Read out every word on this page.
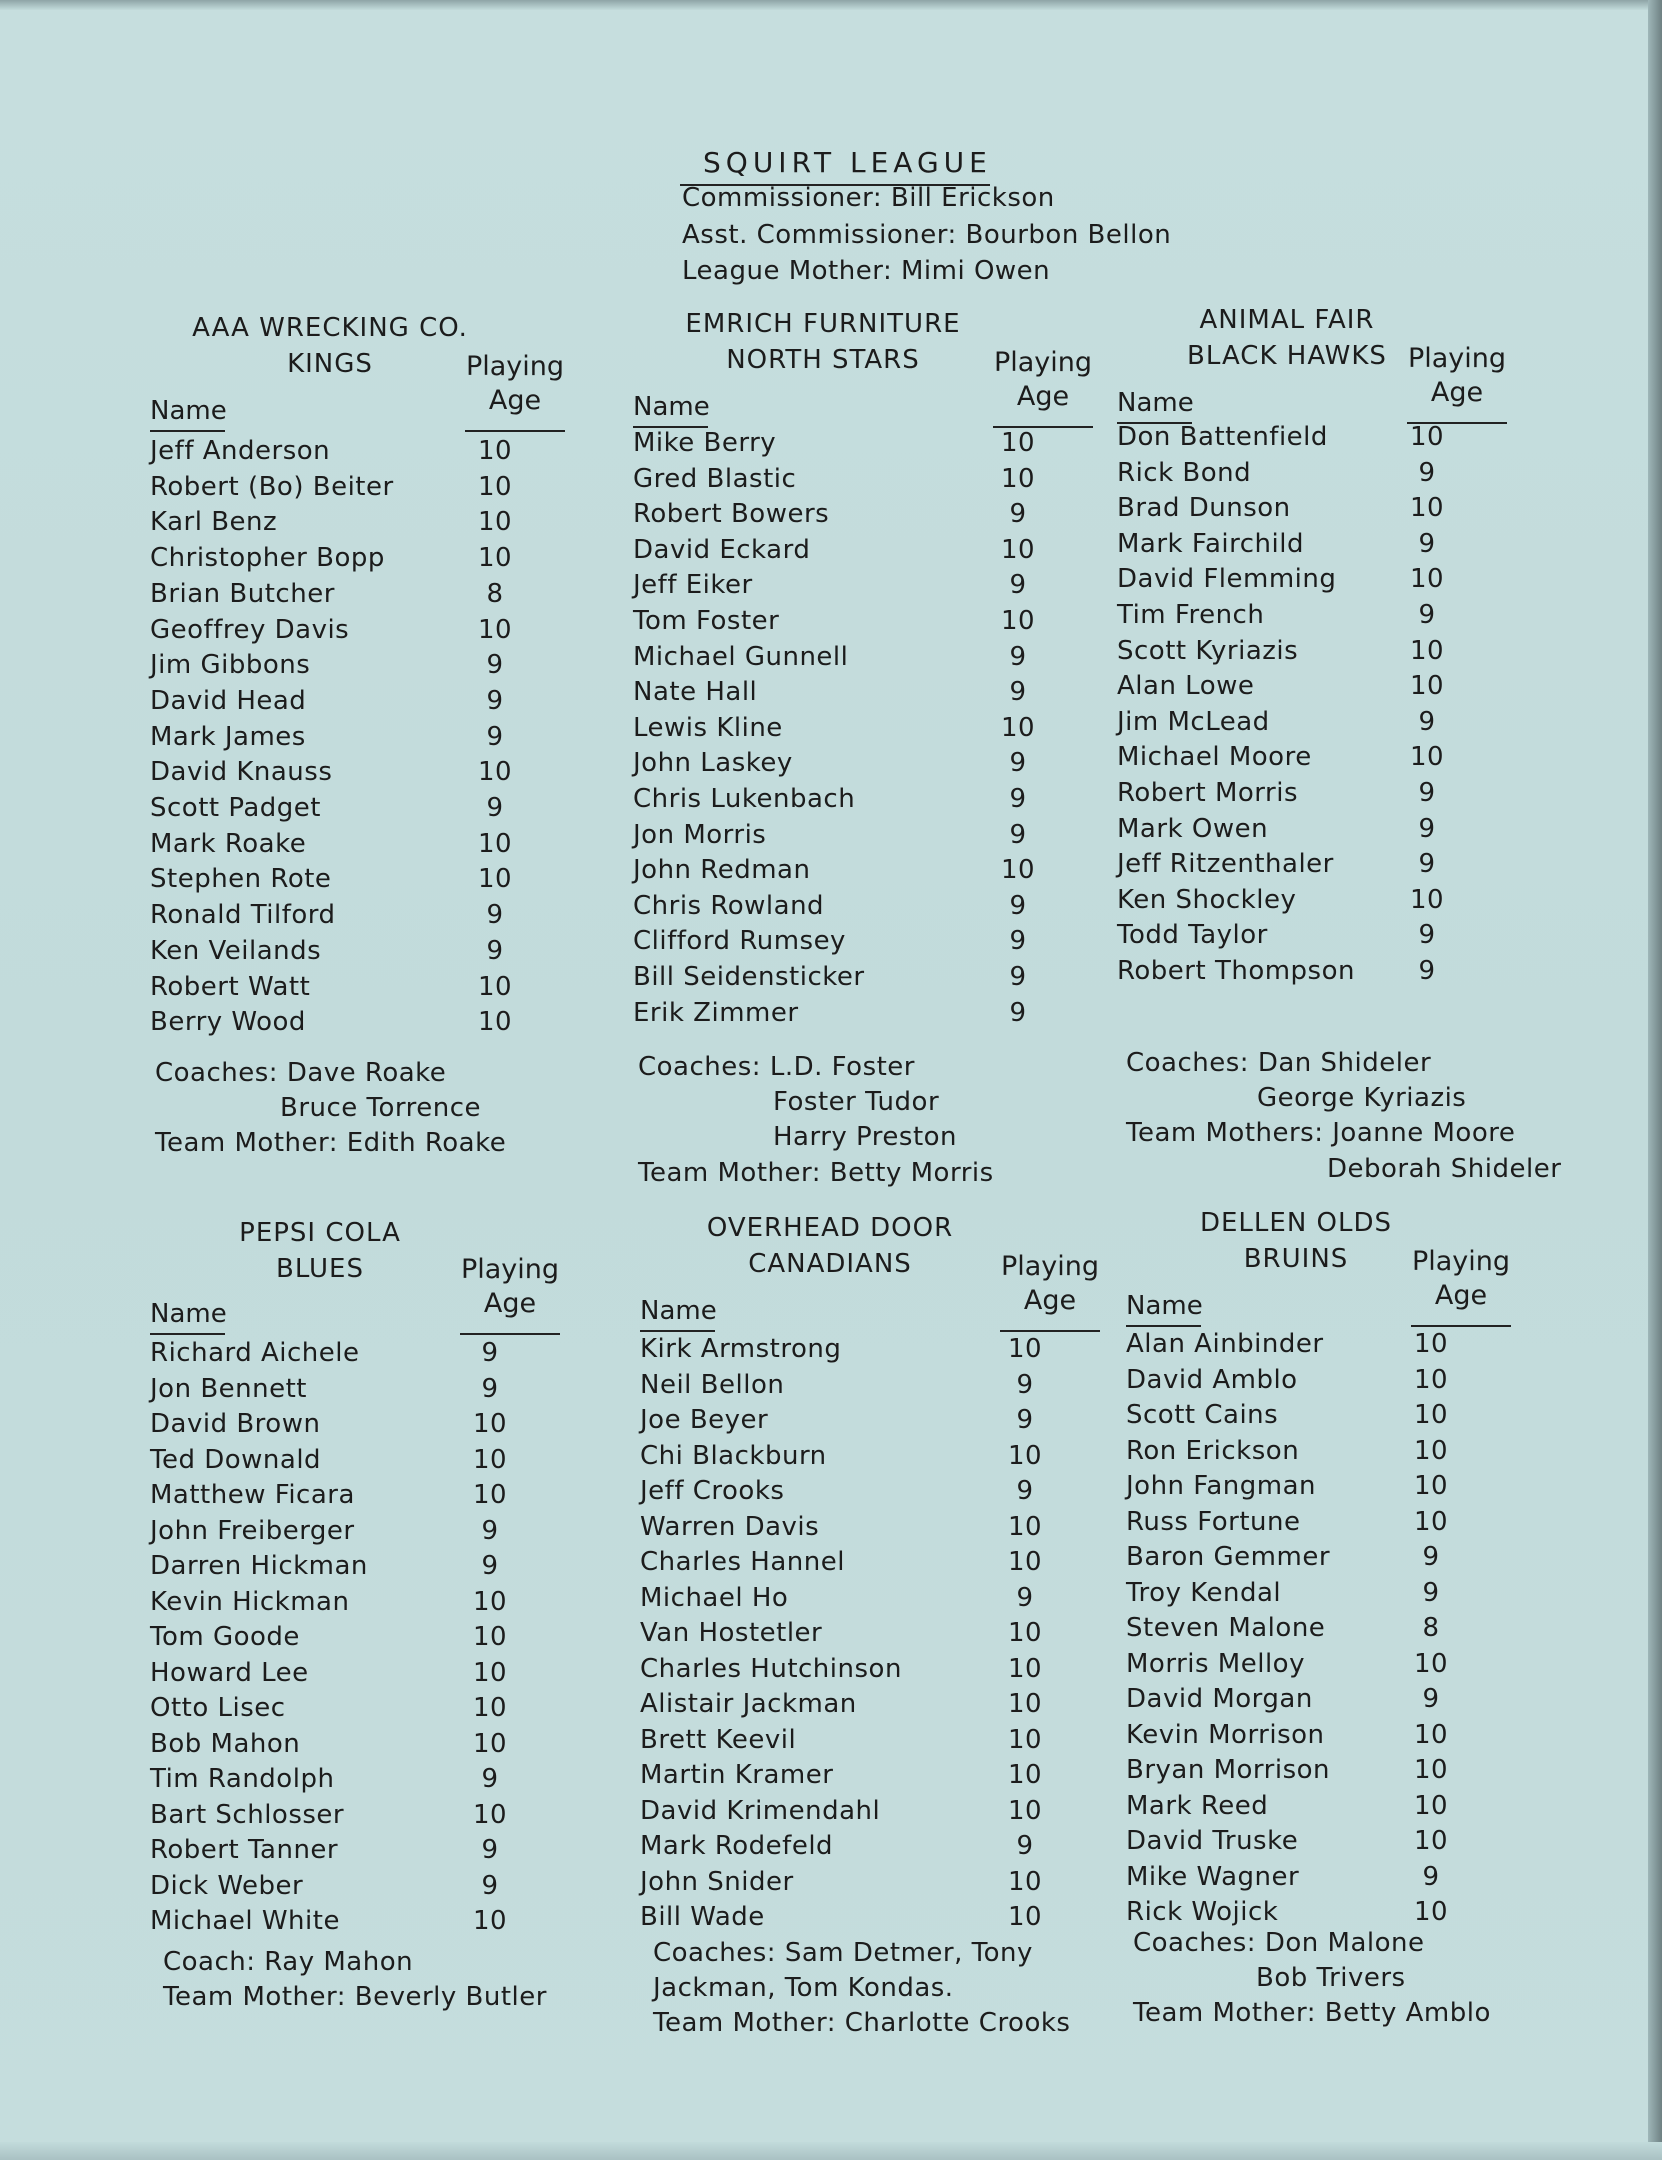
SQUIRT LEAGUE
Commissioner: Bill Erickson
Asst. Commissioner: Bourbon Bellon
League Mother: Mimi Owen
AAA WRECKING CO.
KINGS	Playing
Age
Name
Jeff Anderson	10
Robert (Bo) Beiter	10
Karl Benz	10
Christopher Bopp	10
Brian Butcher	8
Geoffrey Davis	10
Jim Gibbons	9
David Head	9
Mark James	9
David Knauss	10
Scott Padget	9
Mark Roake	10
Stephen Rote	10
Ronald Tilford	9
Ken Veilands	9
Robert Watt	10
Berry Wood	10
Coaches: Dave Roake
Bruce Torrence
Team Mother: Edith Roake
EMRICH FURNITURE
NORTH STARS	Playing
Age
Name
Mike Berry	10
Gred Blastic	10
Robert Bowers	9
David Eckard	10
Jeff Eiker	9
Tom Foster	10
Michael Gunnell	9
Nate Hall	9
Lewis Kline	10
John Laskey	9
Chris Lukenbach	9
Jon Morris	9
John Redman	10
Chris Rowland	9
Clifford Rumsey	9
Bill Seidensticker	9
Erik Zimmer	9
Coaches: L.D. Foster
Foster Tudor
Harry Preston
Team Mother: Betty Morris
ANIMAL FAIR
BLACK HAWKS Playing
Age
Name
Don Battenfield	10
Rick Bond	9
Brad Dunson	10
Mark Fairchild	9
David Flemming	10
Tim French	9
Scott Kyriazis	10
Alan Lowe	10
Jim McLead	9
Michael Moore	10
Robert Morris	9
Mark Owen	9
Jeff Ritzenthaler	9
Ken Shockley	10
Todd Taylor	9
Robert Thompson	9
Coaches: Dan Shideler
George Kyriazis
Team Mothers: Joanne Moore
Deborah Shideler
PEPSI COLA
BLUES	Playing
Age
Name
Richard Aichele	9
Jon Bennett	9
David Brown	10
Ted Downald	10
Matthew Ficara	10
John Freiberger	9
Darren Hickman	9
Kevin Hickman	10
Tom Goode	10
Howard Lee	10
Otto Lisec	10
Bob Mahon	10
Tim Randolph	9
Bart Schlosser	10
Robert Tanner	9
Dick Weber	9
Michael White	10
Coach: Ray Mahon
Team Mother: Beverly Butler
OVERHEAD DOOR
CANADIANS	Playing
Age
Name
Kirk Armstrong	10
Neil Bellon	9
Joe Beyer	9
Chi Blackburn	10
Jeff Crooks	9
Warren Davis	10
Charles Hannel	10
Michael Ho	9
Van Hostetler	10
Charles Hutchinson	10
Alistair Jackman	10
Brett Keevil	10
Martin Kramer	10
David Krimendahl	10
Mark Rodefeld	9
John Snider	10
Bill Wade	10
Coaches: Sam Detmer, Tony
Jackman, Tom Kondas.
Team Mother: Charlotte Crooks
DELLEN OLDS
BRUINS	Playing
Age
Name
Alan Ainbinder	10
David Amblo	10
Scott Cains	10
Ron Erickson	10
John Fangman	10
Russ Fortune	10
Baron Gemmer	9
Troy Kendal	9
Steven Malone	8
Morris Melloy	10
David Morgan	9
Kevin Morrison	10
Bryan Morrison	10
Mark Reed	10
David Truske	10
Mike Wagner	9
Rick Wojick	10
Coaches: Don Malone
Bob Trivers
Team Mother: Betty Amblo
